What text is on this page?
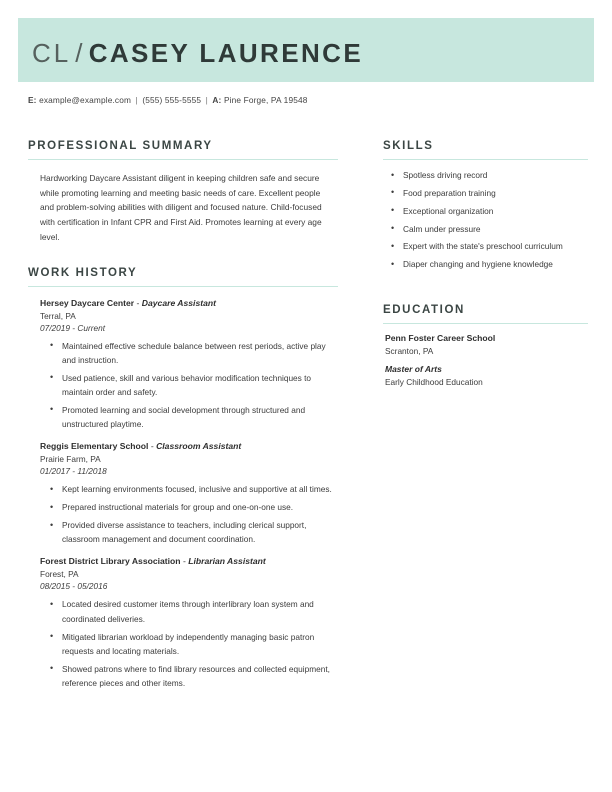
CL / CASEY LAURENCE
E: example@example.com | (555) 555-5555 | A: Pine Forge, PA 19548
PROFESSIONAL SUMMARY
Hardworking Daycare Assistant diligent in keeping children safe and secure while promoting learning and meeting basic needs of care. Excellent people and problem-solving abilities with diligent and focused nature. Child-focused with certification in Infant CPR and First Aid. Promotes learning at every age level.
WORK HISTORY
Hersey Daycare Center - Daycare Assistant
Terral, PA
07/2019 - Current
• Maintained effective schedule balance between rest periods, active play and instruction.
• Used patience, skill and various behavior modification techniques to maintain order and safety.
• Promoted learning and social development through structured and unstructured playtime.
Reggis Elementary School - Classroom Assistant
Prairie Farm, PA
01/2017 - 11/2018
• Kept learning environments focused, inclusive and supportive at all times.
• Prepared instructional materials for group and one-on-one use.
• Provided diverse assistance to teachers, including clerical support, classroom management and document coordination.
Forest District Library Association - Librarian Assistant
Forest, PA
08/2015 - 05/2016
• Located desired customer items through interlibrary loan system and coordinated deliveries.
• Mitigated librarian workload by independently managing basic patron requests and locating materials.
• Showed patrons where to find library resources and collected equipment, reference pieces and other items.
SKILLS
• Spotless driving record
• Food preparation training
• Exceptional organization
• Calm under pressure
• Expert with the state's preschool curriculum
• Diaper changing and hygiene knowledge
EDUCATION
Penn Foster Career School
Scranton, PA
Master of Arts
Early Childhood Education
